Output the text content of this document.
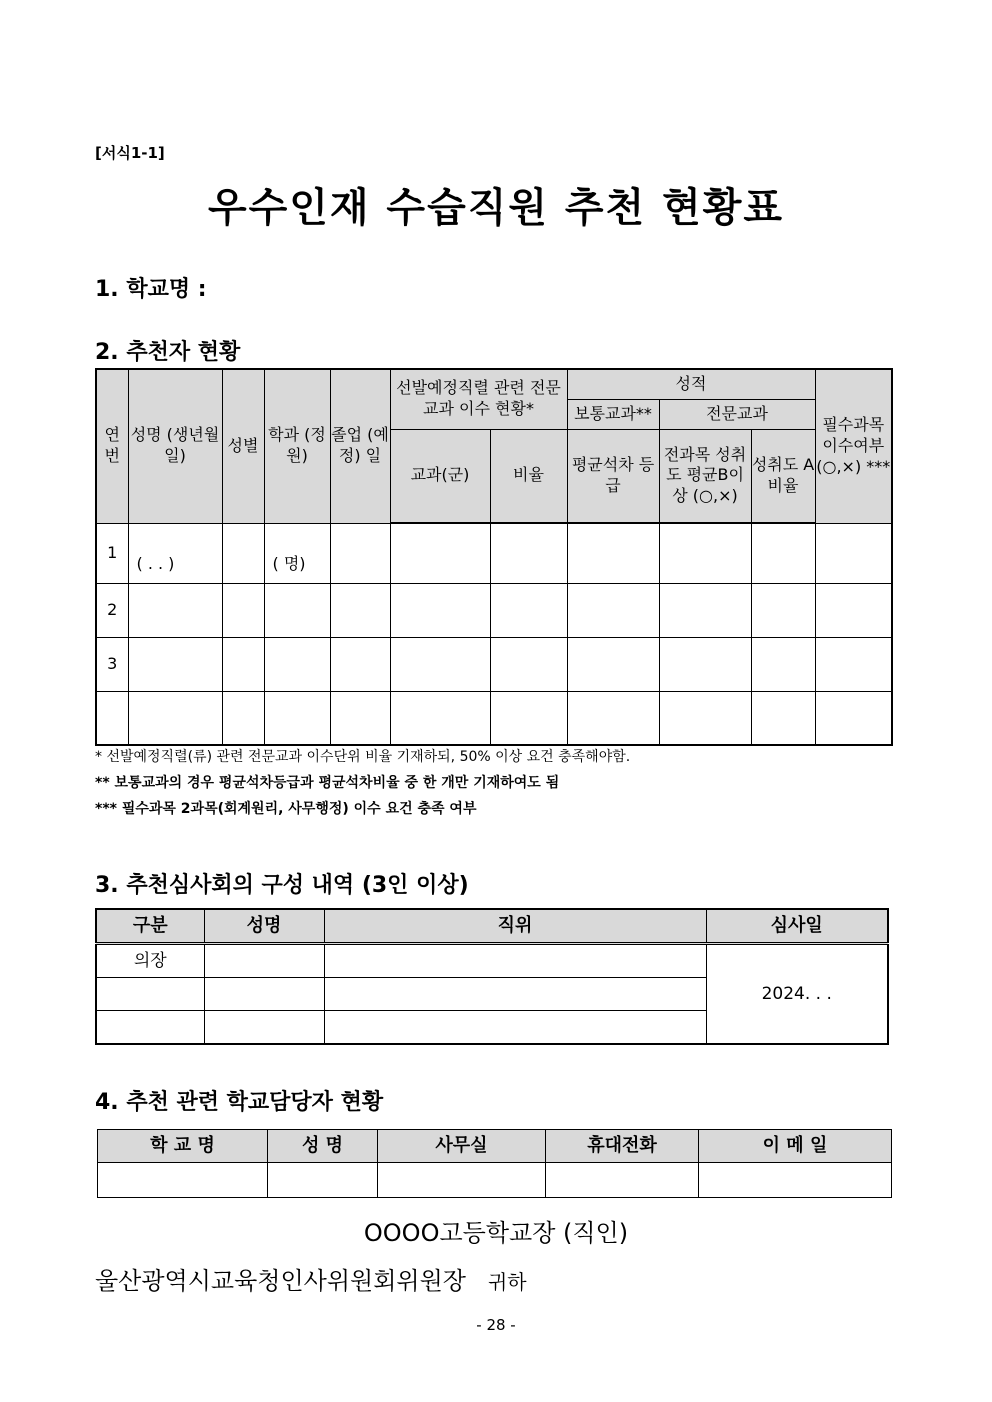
[서식1-1]
우수인재 수습직원 추천 현황표
1. 학교명 :
2. 추천자 현황
연 번	성명 (생년월일)	성별	학과 (정원)	졸업 (예정) 일	선발예정직렬 관련 전문교과 이수 현황*		성적			필수과목 이수여부 (○,×) ***
							보통교과**	전문교과		
					교과(군)	비율	평균석차 등급	전과목 성취도 평균B이상 (○,×)	성취도 A비율	
1	( . . )		( 명)							
2										
3										

* 선발예정직렬(류) 관련 전문교과 이수단위 비율 기재하되, 50% 이상 요건 충족해야함.
** 보통교과의 경우 평균석차등급과 평균석차비율 중 한 개만 기재하여도 됨
*** 필수과목 2과목(회계원리, 사무행정) 이수 요건 충족 여부
3. 추천심사회의 구성 내역 (3인 이상)
구분	성명	직위	심사일
의장			2024. . .

4. 추천 관련 학교담당자 현황
학 교 명	성 명	사무실	휴대전화	이 메 일

OOOO고등학교장 (직인)
울산광역시교육청인사위원회위원장 귀하
- 28 -
